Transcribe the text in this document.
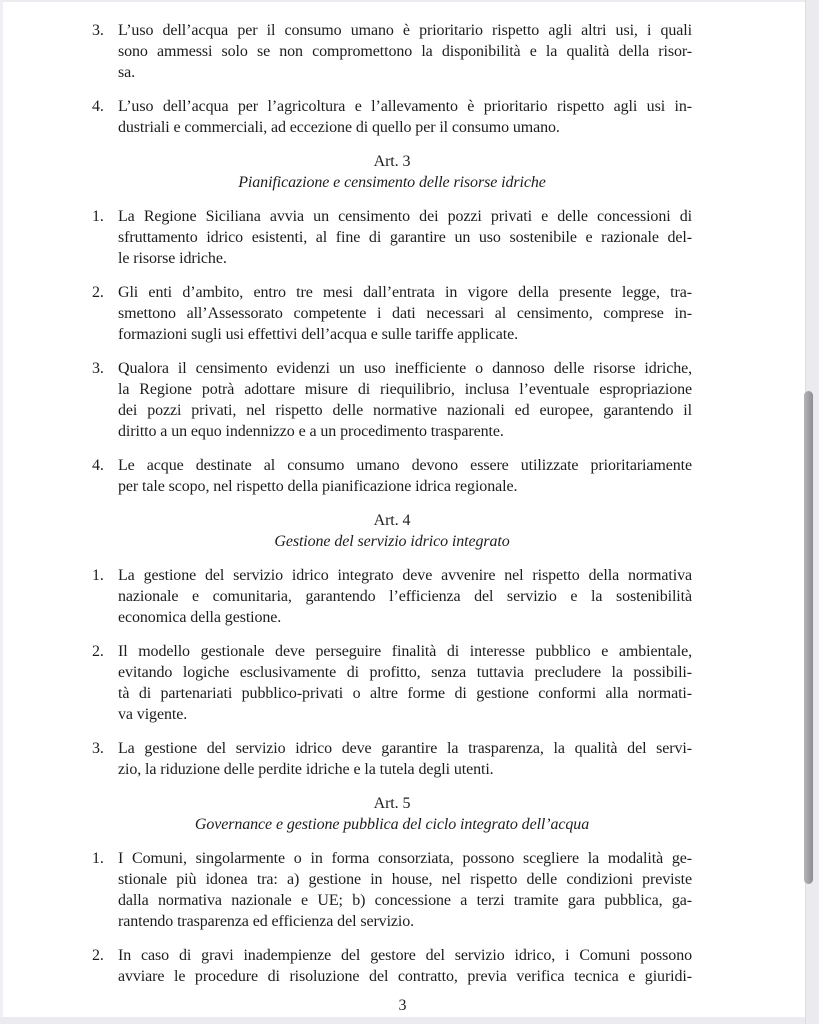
3. L’uso dell’acqua per il consumo umano è prioritario rispetto agli altri usi, i quali
sono ammessi solo se non compromettono la disponibilità e la qualità della risor-
sa.
4. L’uso dell’acqua per l’agricoltura e l’allevamento è prioritario rispetto agli usi in-
dustriali e commerciali, ad eccezione di quello per il consumo umano.
Art. 3
Pianificazione e censimento delle risorse idriche
1. La Regione Siciliana avvia un censimento dei pozzi privati e delle concessioni di
sfruttamento idrico esistenti, al fine di garantire un uso sostenibile e razionale del-
le risorse idriche.
2. Gli enti d’ambito, entro tre mesi dall’entrata in vigore della presente legge, tra-
smettono all’Assessorato competente i dati necessari al censimento, comprese in-
formazioni sugli usi effettivi dell’acqua e sulle tariffe applicate.
3. Qualora il censimento evidenzi un uso inefficiente o dannoso delle risorse idriche,
la Regione potrà adottare misure di riequilibrio, inclusa l’eventuale espropriazione
dei pozzi privati, nel rispetto delle normative nazionali ed europee, garantendo il
diritto a un equo indennizzo e a un procedimento trasparente.
4. Le acque destinate al consumo umano devono essere utilizzate prioritariamente
per tale scopo, nel rispetto della pianificazione idrica regionale.
Art. 4
Gestione del servizio idrico integrato
1. La gestione del servizio idrico integrato deve avvenire nel rispetto della normativa
nazionale e comunitaria, garantendo l’efficienza del servizio e la sostenibilità
economica della gestione.
2. Il modello gestionale deve perseguire finalità di interesse pubblico e ambientale,
evitando logiche esclusivamente di profitto, senza tuttavia precludere la possibili-
tà di partenariati pubblico-privati o altre forme di gestione conformi alla normati-
va vigente.
3. La gestione del servizio idrico deve garantire la trasparenza, la qualità del servi-
zio, la riduzione delle perdite idriche e la tutela degli utenti.
Art. 5
Governance e gestione pubblica del ciclo integrato dell’acqua
1. I Comuni, singolarmente o in forma consorziata, possono scegliere la modalità ge-
stionale più idonea tra: a) gestione in house, nel rispetto delle condizioni previste
dalla normativa nazionale e UE; b) concessione a terzi tramite gara pubblica, ga-
rantendo trasparenza ed efficienza del servizio.
2. In caso di gravi inadempienze del gestore del servizio idrico, i Comuni possono
avviare le procedure di risoluzione del contratto, previa verifica tecnica e giuridi-
3
